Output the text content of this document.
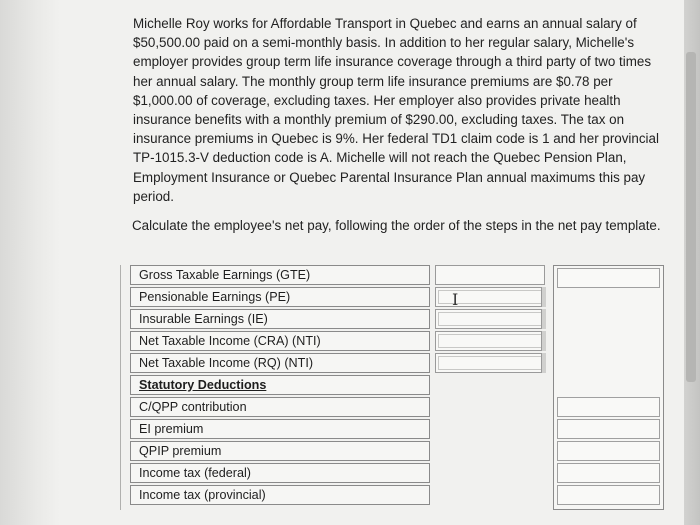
Michelle Roy works for Affordable Transport in Quebec and earns an annual salary of

$50,500.00 paid on a semi-monthly basis. In addition to her regular salary, Michelle's

employer provides group term life insurance coverage through a third party of two times

her annual salary. The monthly group term life insurance premiums are $0.78 per

$1,000.00 of coverage, excluding taxes. Her employer also provides private health

insurance benefits with a monthly premium of $290.00, excluding taxes. The tax on

insurance premiums in Quebec is 9%. Her federal TD1 claim code is 1 and her provincial

TP-1015.3-V deduction code is A. Michelle will not reach the Quebec Pension Plan,

Employment Insurance or Quebec Parental Insurance Plan annual maximums this pay

period.

Calculate the employee's net pay, following the order of the steps in the net pay template.
Gross Taxable Earnings (GTE)
Pensionable Earnings (PE)
Insurable Earnings (IE)
Net Taxable Income (CRA) (NTI)
Net Taxable Income (RQ) (NTI)
Statutory Deductions
C/QPP contribution
EI premium
QPIP premium
Income tax (federal)
Income tax (provincial)
I
